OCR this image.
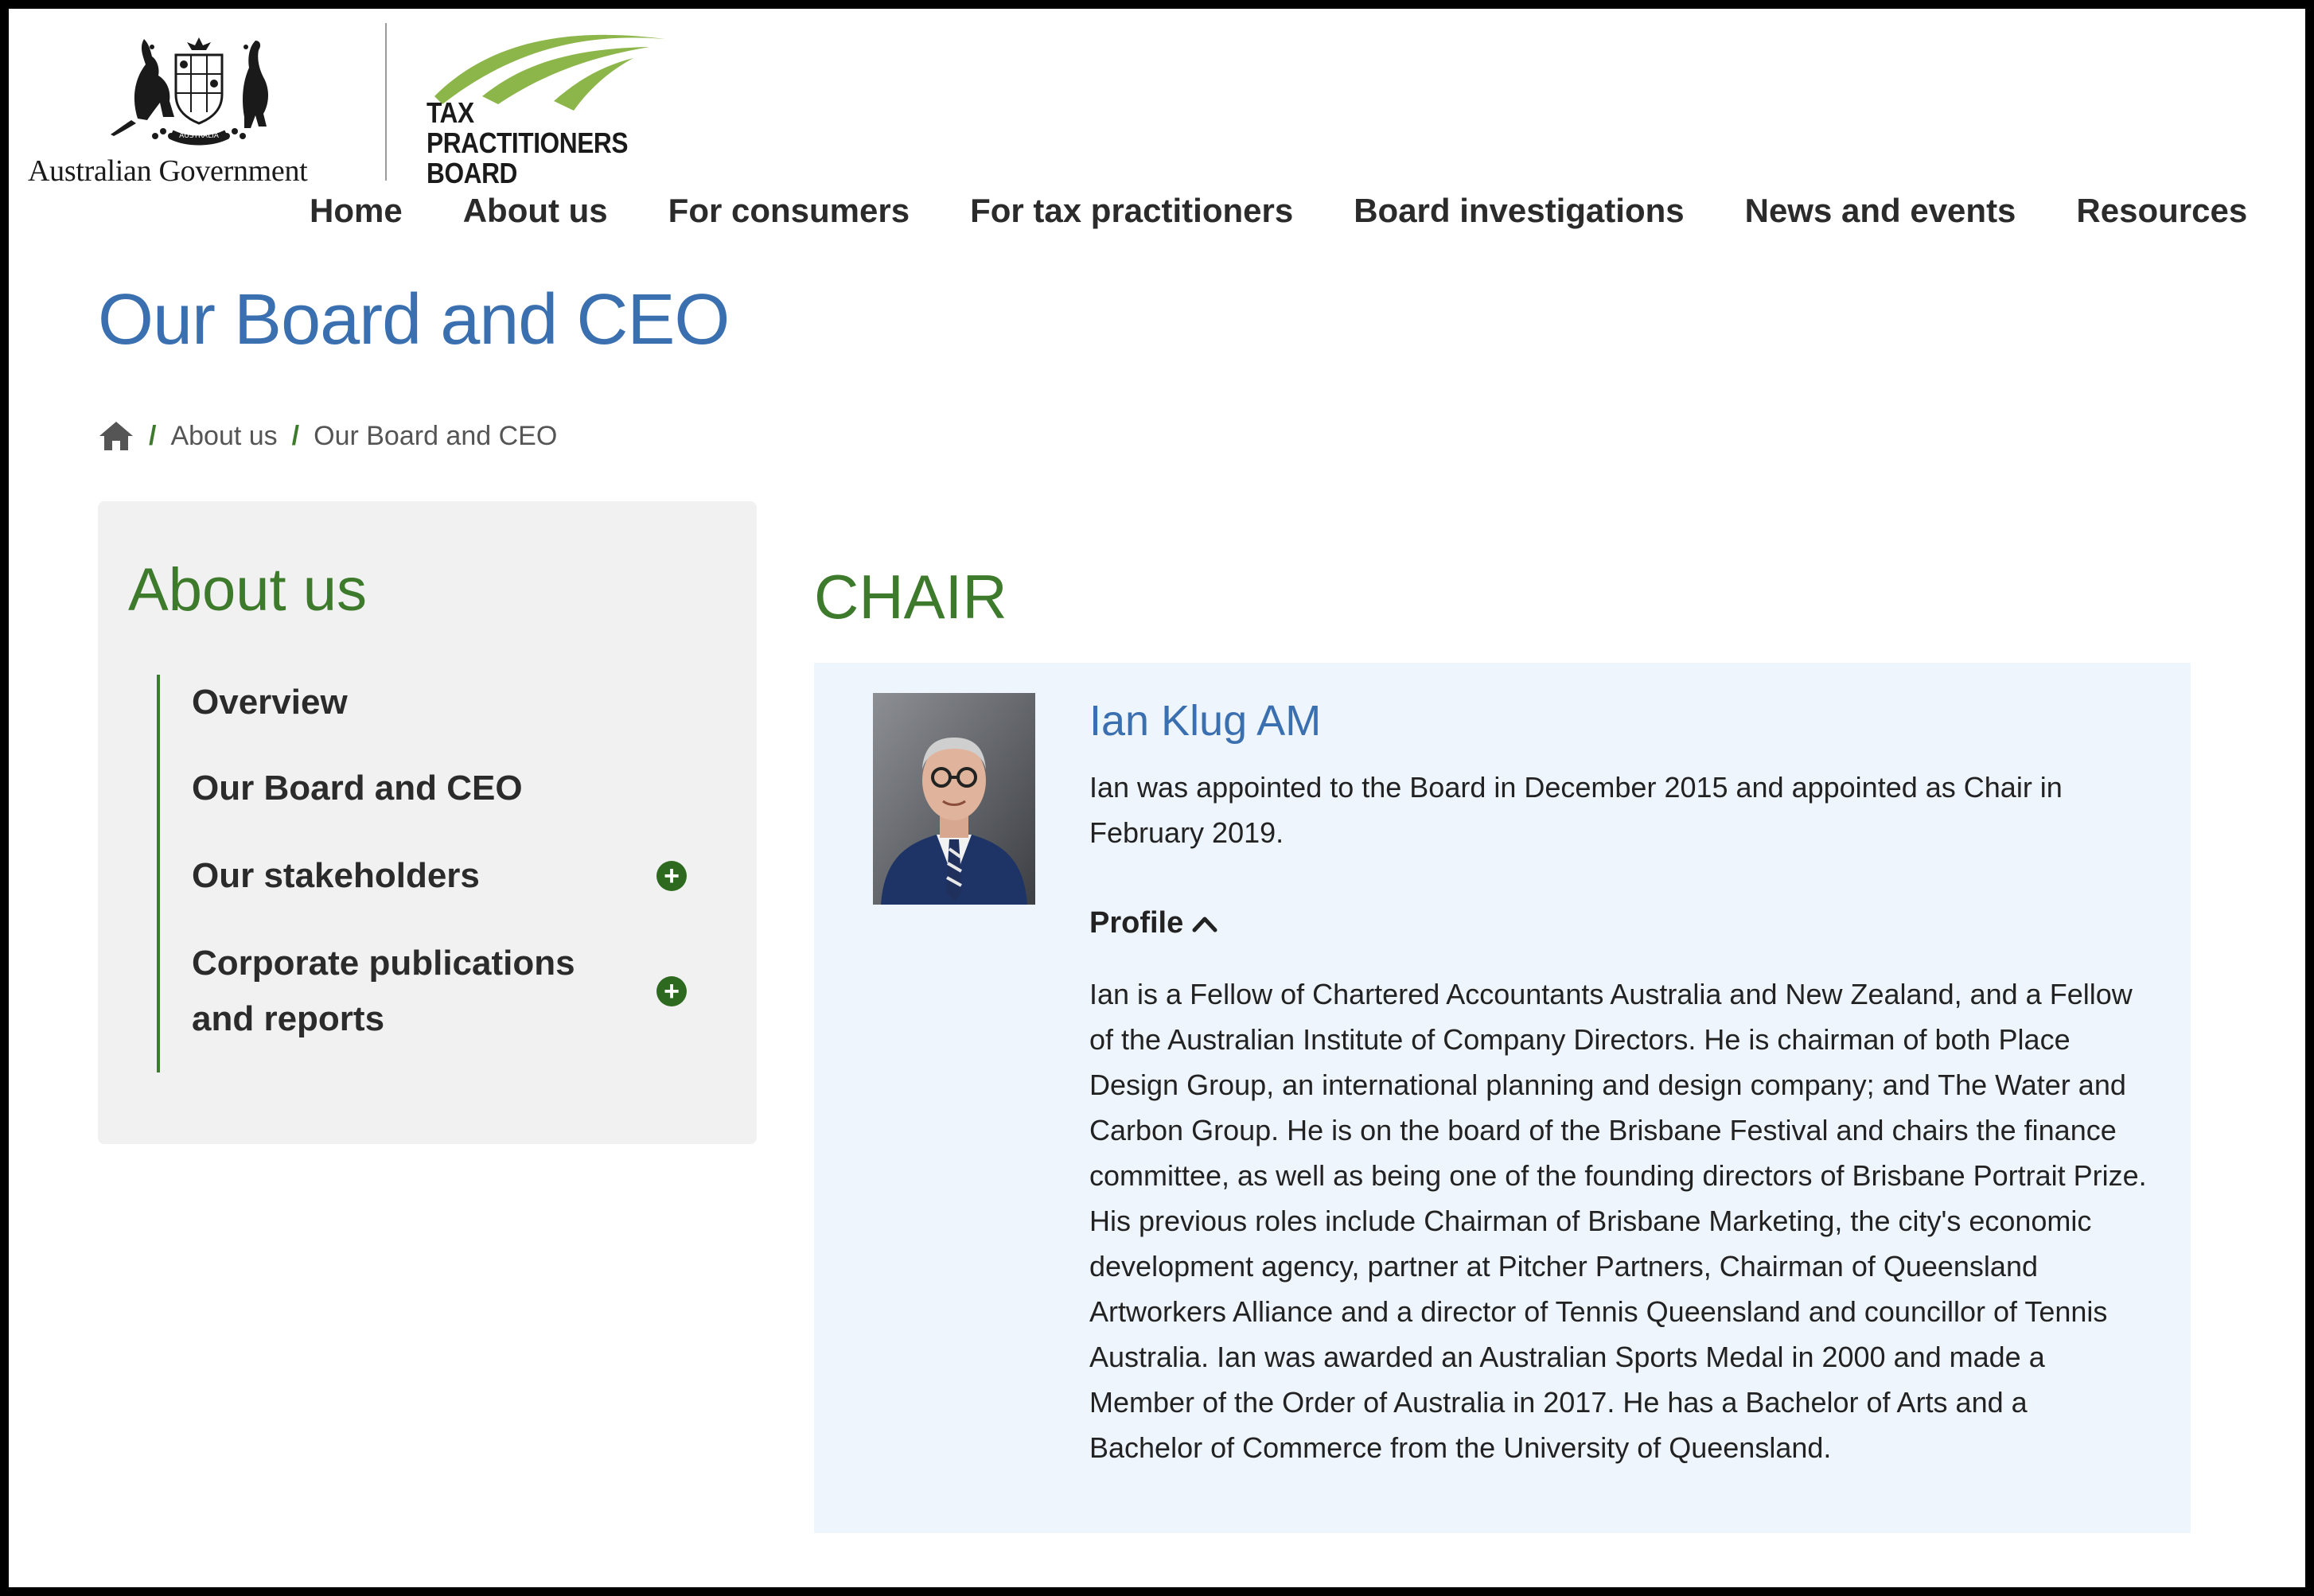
AUSTRALIA
Australian Government
TAX
PRACTITIONERS
BOARD
Home About us For consumers For tax practitioners Board investigations News and events Resources
Our Board and CEO
/ About us / Our Board and CEO
About us
Overview
Our Board and CEO
Our stakeholders	+
Corporate publications
and reports
+
CHAIR
Ian Klug AM

Ian was appointed to the Board in December 2015 and appointed as Chair in February 2019.

Profile

Ian is a Fellow of Chartered Accountants Australia and New Zealand, and a Fellow of the Australian Institute of Company Directors. He is chairman of both Place Design Group, an international planning and design company; and The Water and Carbon Group. He is on the board of the Brisbane Festival and chairs the finance committee, as well as being one of the founding directors of Brisbane Portrait Prize. His previous roles include Chairman of Brisbane Marketing, the city's economic development agency, partner at Pitcher Partners, Chairman of Queensland Artworkers Alliance and a director of Tennis Queensland and councillor of Tennis Australia. Ian was awarded an Australian Sports Medal in 2000 and made a Member of the Order of Australia in 2017. He has a Bachelor of Arts and a Bachelor of Commerce from the University of Queensland.
